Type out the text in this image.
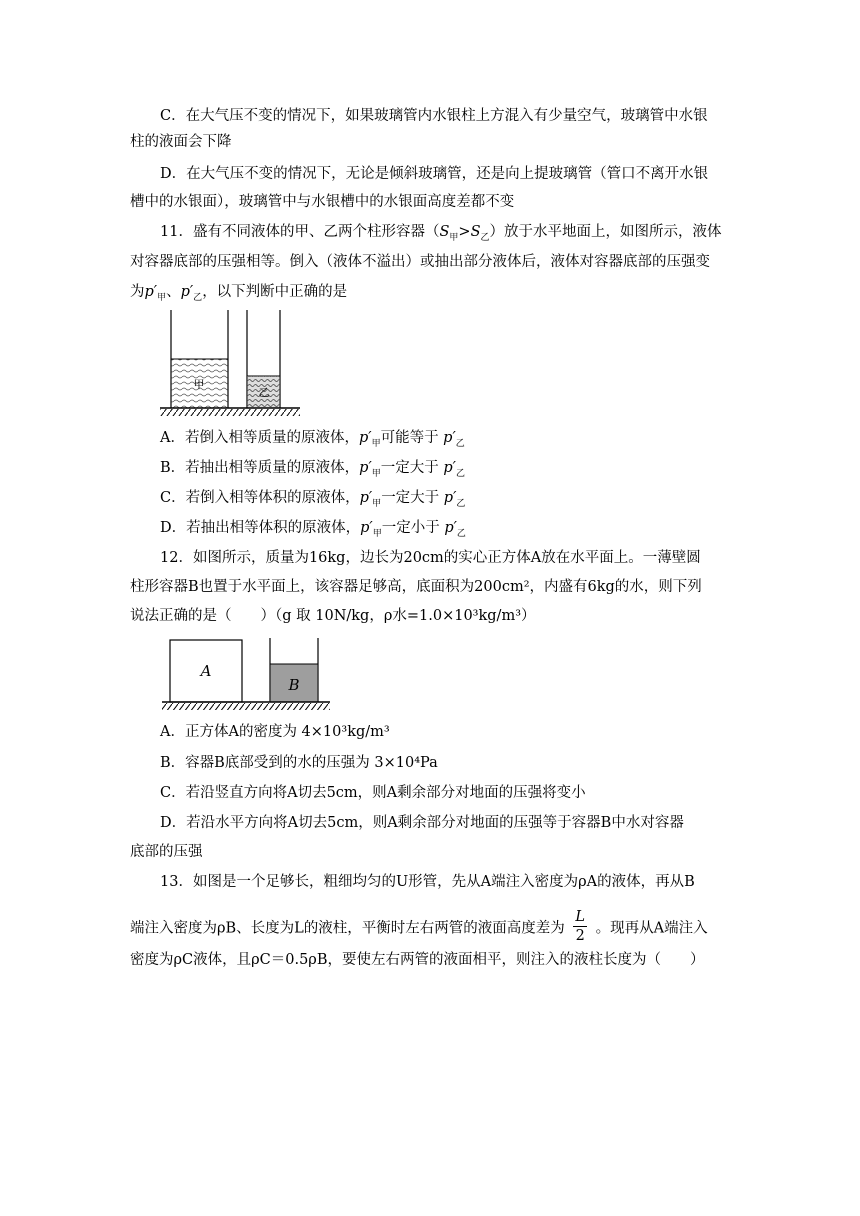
C．在大气压不变的情况下，如果玻璃管内水银柱上方混入有少量空气，玻璃管中水银
柱的液面会下降
D．在大气压不变的情况下，无论是倾斜玻璃管，还是向上提玻璃管（管口不离开水银
槽中的水银面），玻璃管中与水银槽中的水银面高度差都不变
11．盛有不同液体的甲、乙两个柱形容器$(S_甲>S_乙)$放于水平地面上，如图所示，液体
对容器底部的压强相等。倒入（液体不溢出）或抽出部分液体后，液体对容器底部的压强变
为$p'_甲$、$p'_乙$，以下判断中正确的是
甲
乙
A．若倒入相等质量的原液体，$p'_甲$可能等于 $p'_乙$
B．若抽出相等质量的原液体，$p'_甲$一定大于 $p'_乙$
C．若倒入相等体积的原液体，$p'_甲$一定大于 $p'_乙$
D．若抽出相等体积的原液体，$p'_甲$一定小于 $p'_乙$
12．如图所示，质量为16kg，边长为20cm的实心正方体A放在水平面上。一薄壁圆
柱形容器B也置于水平面上，该容器足够高，底面积为200cm²，内盛有6kg的水，则下列
说法正确的是（　　）（g 取 10N/kg，ρ水=1.0×10³kg/m³）
A
B
A．正方体A的密度为 4×10³kg/m³
B．容器B底部受到的水的压强为 3×10⁴Pa
C．若沿竖直方向将A切去5cm，则A剩余部分对地面的压强将变小
D．若沿水平方向将A切去5cm，则A剩余部分对地面的压强等于容器B中水对容器
底部的压强
13．如图是一个足够长，粗细均匀的U形管，先从A端注入密度为ρA的液体，再从B
端注入密度为ρB、长度为L的液柱，平衡时左右两管的液面高度差为 $\frac{L}{2}$ 。现再从A端注入
密度为ρC液体，且ρC＝0.5ρB，要使左右两管的液面相平，则注入的液柱长度为（　　）
